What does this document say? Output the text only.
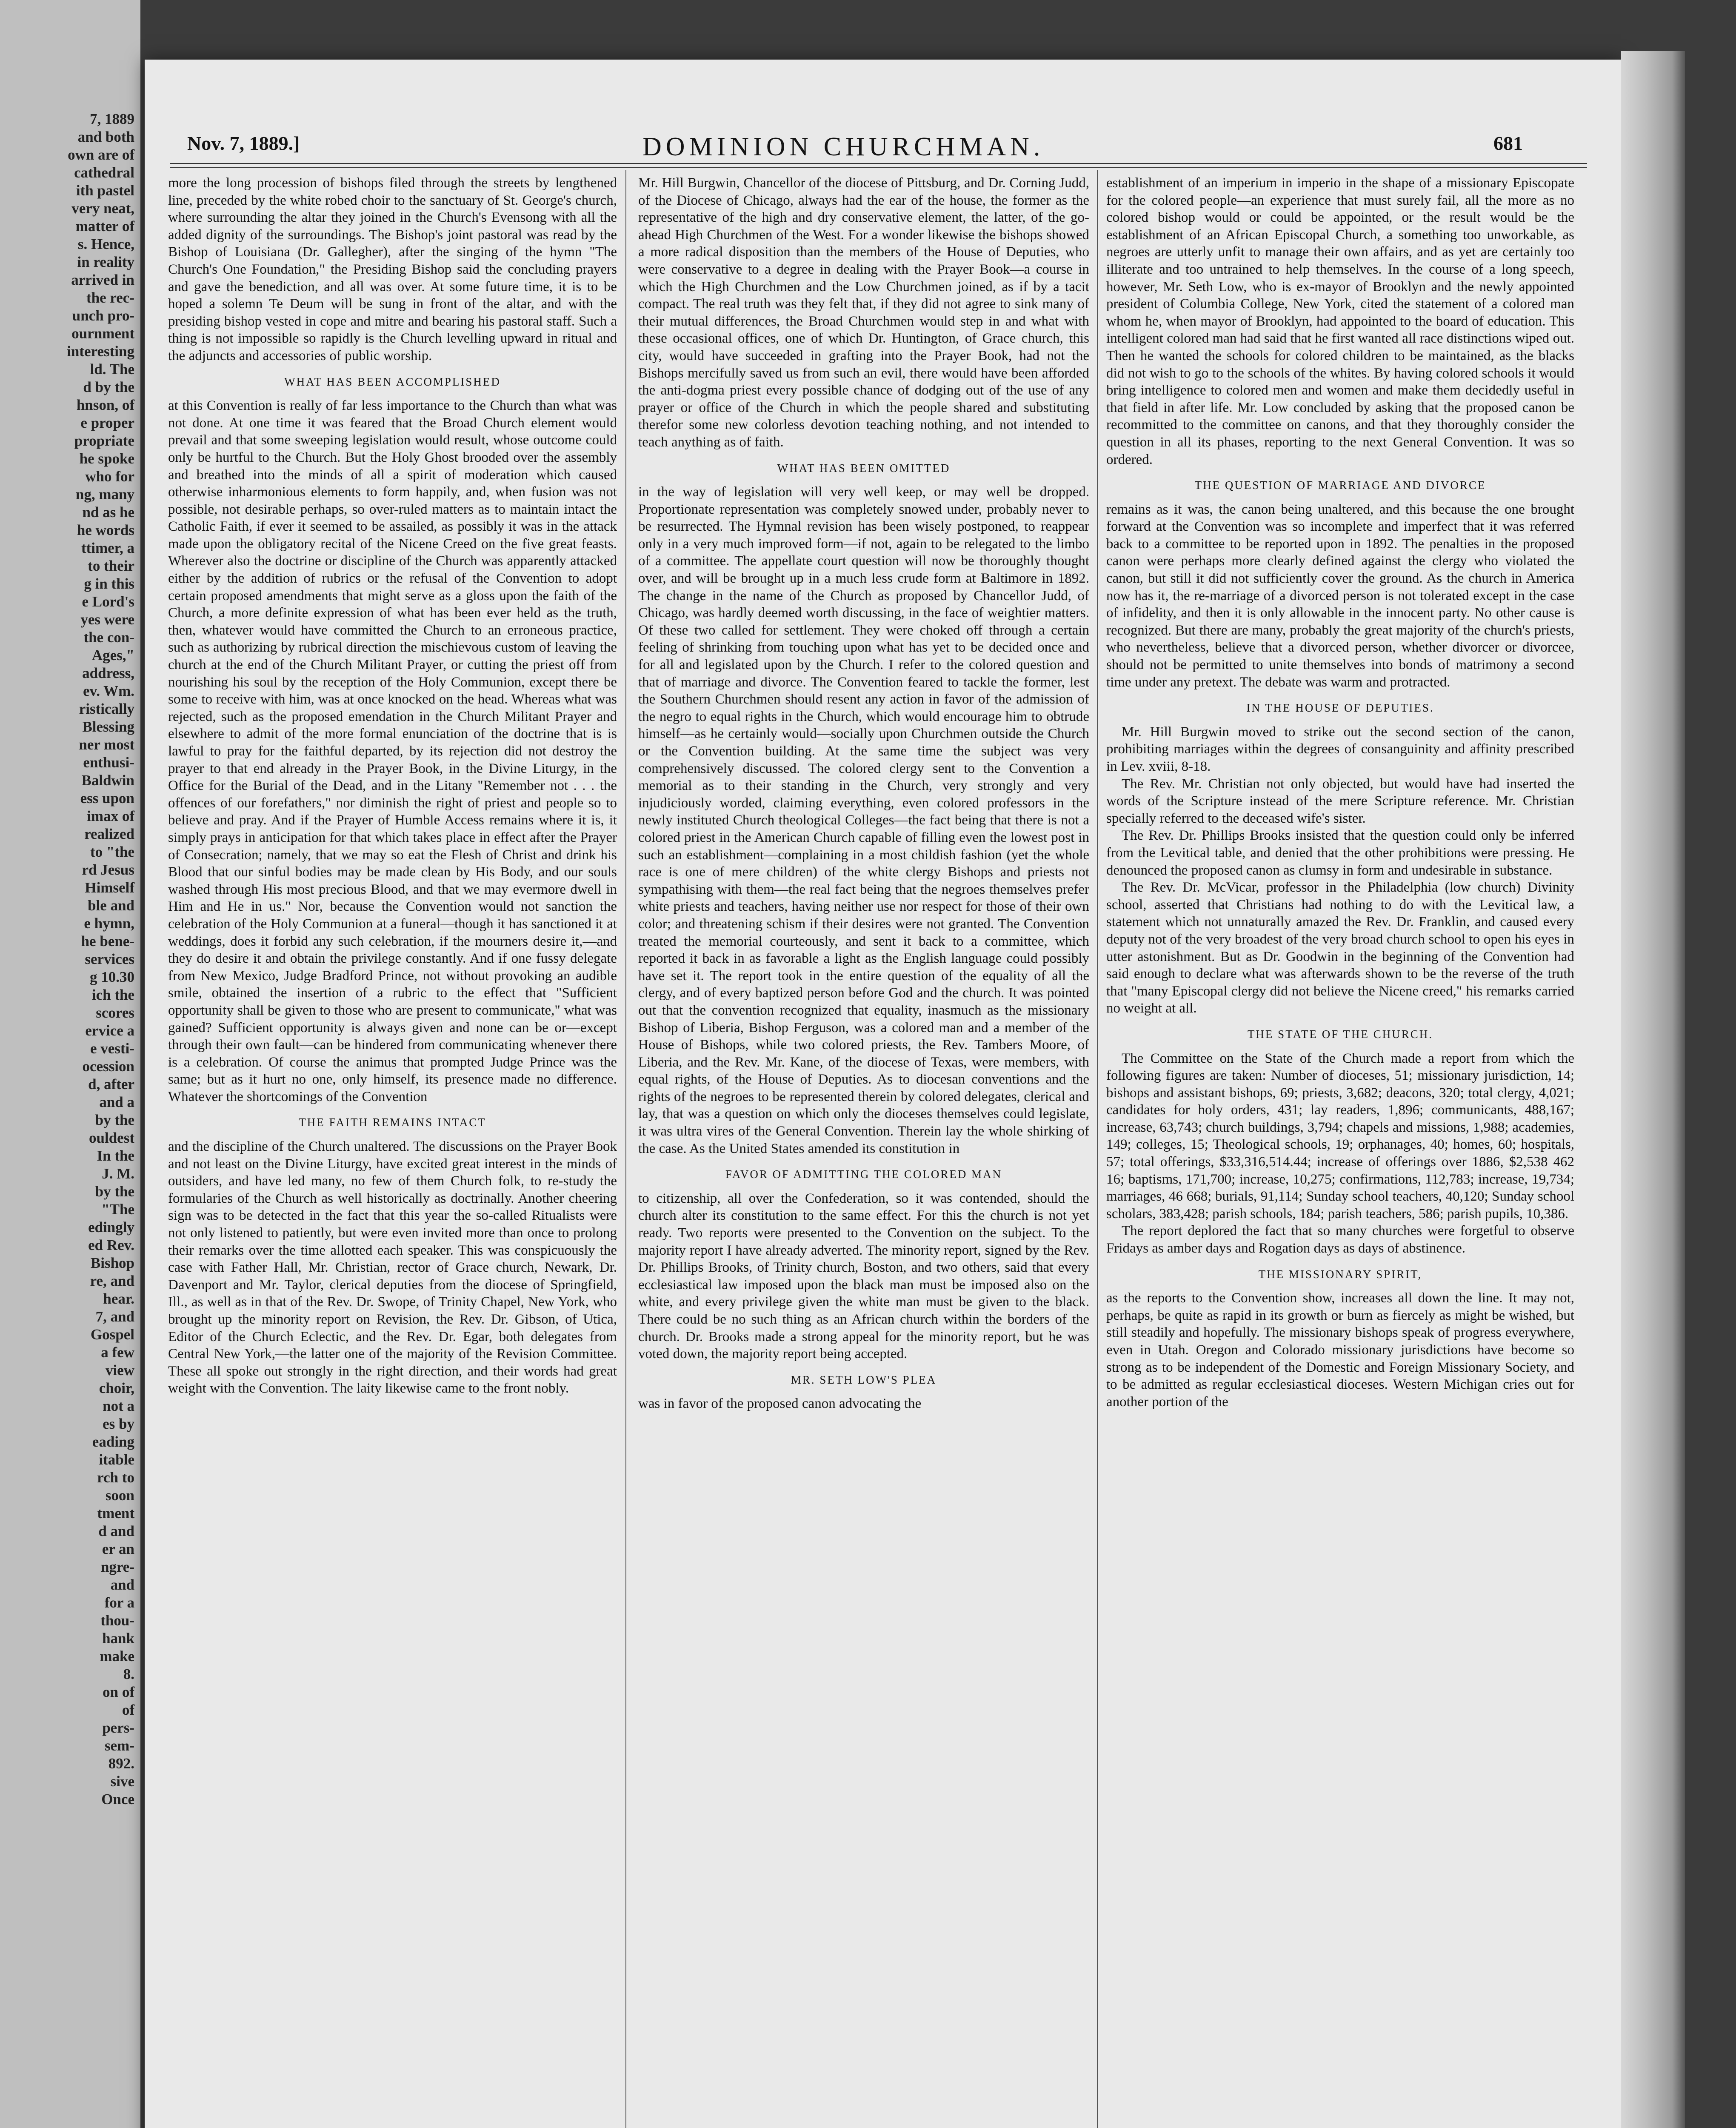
7, 1889
and both
own are of
cathedral
ith pastel
very neat,
matter of
s. Hence,
in reality
arrived in
the rec-
unch pro-
ournment
interesting
ld. The
d by the
hnson, of
e proper
propriate
he spoke
who for
ng, many
nd as he
he words
ttimer, a
to their
g in this
e Lord's
yes were
the con-
Ages,"
address,
ev. Wm.
ristically
Blessing
ner most
enthusi-
Baldwin
ess upon
imax of
realized
to "the
rd Jesus
Himself
ble and
e hymn,
he bene-
services
g 10.30
ich the
scores
ervice a
e vesti-
ocession
d, after
and a
by the
ouldest
In the
J. M.
by the
"The
edingly
ed Rev.
Bishop
re, and
hear.
7, and
Gospel
a few
view
choir,
not a
es by
eading
itable
rch to
soon
tment
d and
er an
ngre-
and
for a
thou-
hank
make
8.
on of
of
pers-
sem-
892.
sive
Once
Nov. 7, 1889.]	DOMINION CHURCHMAN.	681

more the long procession of bishops filed through the streets by lengthened line, preceded by the white robed choir to the sanctuary of St. George's church, where surrounding the altar they joined in the Church's Evensong with all the added dignity of the surroundings. The Bishop's joint pastoral was read by the Bishop of Louisiana (Dr. Gallegher), after the singing of the hymn "The Church's One Foundation," the Presiding Bishop said the concluding prayers and gave the benediction, and all was over. At some future time, it is to be hoped a solemn Te Deum will be sung in front of the altar, and with the presiding bishop vested in cope and mitre and bearing his pastoral staff. Such a thing is not impossible so rapidly is the Church levelling upward in ritual and the adjuncts and accessories of public worship.

WHAT HAS BEEN ACCOMPLISHED

at this Convention is really of far less importance to the Church than what was not done. At one time it was feared that the Broad Church element would prevail and that some sweeping legislation would result, whose outcome could only be hurtful to the Church. But the Holy Ghost brooded over the assembly and breathed into the minds of all a spirit of moderation which caused otherwise inharmonious elements to form happily, and, when fusion was not possible, not desirable perhaps, so over-ruled matters as to maintain intact the Catholic Faith, if ever it seemed to be assailed, as possibly it was in the attack made upon the obligatory recital of the Nicene Creed on the five great feasts. Wherever also the doctrine or discipline of the Church was apparently attacked either by the addition of rubrics or the refusal of the Convention to adopt certain proposed amendments that might serve as a gloss upon the faith of the Church, a more definite expression of what has been ever held as the truth, then, whatever would have committed the Church to an erroneous practice, such as authorizing by rubrical direction the mischievous custom of leaving the church at the end of the Church Militant Prayer, or cutting the priest off from nourishing his soul by the reception of the Holy Communion, except there be some to receive with him, was at once knocked on the head. Whereas what was rejected, such as the proposed emendation in the Church Militant Prayer and elsewhere to admit of the more formal enunciation of the doctrine that is is lawful to pray for the faithful departed, by its rejection did not destroy the prayer to that end already in the Prayer Book, in the Divine Liturgy, in the Office for the Burial of the Dead, and in the Litany "Remember not . . . the offences of our forefathers," nor diminish the right of priest and people so to believe and pray. And if the Prayer of Humble Access remains where it is, it simply prays in anticipation for that which takes place in effect after the Prayer of Consecration; namely, that we may so eat the Flesh of Christ and drink his Blood that our sinful bodies may be made clean by His Body, and our souls washed through His most precious Blood, and that we may evermore dwell in Him and He in us." Nor, because the Convention would not sanction the celebration of the Holy Communion at a funeral—though it has sanctioned it at weddings, does it forbid any such celebration, if the mourners desire it,—and they do desire it and obtain the privilege constantly. And if one fussy delegate from New Mexico, Judge Bradford Prince, not without provoking an audible smile, obtained the insertion of a rubric to the effect that "Sufficient opportunity shall be given to those who are present to communicate," what was gained? Sufficient opportunity is always given and none can be or—except through their own fault—can be hindered from communicating whenever there is a celebration. Of course the animus that prompted Judge Prince was the same; but as it hurt no one, only himself, its presence made no difference. Whatever the shortcomings of the Convention

THE FAITH REMAINS INTACT

and the discipline of the Church unaltered. The discussions on the Prayer Book and not least on the Divine Liturgy, have excited great interest in the minds of outsiders, and have led many, no few of them Church folk, to re-study the formularies of the Church as well historically as doctrinally. Another cheering sign was to be detected in the fact that this year the so-called Ritualists were not only listened to patiently, but were even invited more than once to prolong their remarks over the time allotted each speaker. This was conspicuously the case with Father Hall, Mr. Christian, rector of Grace church, Newark, Dr. Davenport and Mr. Taylor, clerical deputies from the diocese of Springfield, Ill., as well as in that of the Rev. Dr. Swope, of Trinity Chapel, New York, who brought up the minority report on Revision, the Rev. Dr. Gibson, of Utica, Editor of the Church Eclectic, and the Rev. Dr. Egar, both delegates from Central New York,—the latter one of the majority of the Revision Committee. These all spoke out strongly in the right direction, and their words had great weight with the Convention. The laity likewise came to the front nobly.

Mr. Hill Burgwin, Chancellor of the diocese of Pittsburg, and Dr. Corning Judd, of the Diocese of Chicago, always had the ear of the house, the former as the representative of the high and dry conservative element, the latter, of the go-ahead High Churchmen of the West. For a wonder likewise the bishops showed a more radical disposition than the members of the House of Deputies, who were conservative to a degree in dealing with the Prayer Book—a course in which the High Churchmen and the Low Churchmen joined, as if by a tacit compact. The real truth was they felt that, if they did not agree to sink many of their mutual differences, the Broad Churchmen would step in and what with these occasional offices, one of which Dr. Huntington, of Grace church, this city, would have succeeded in grafting into the Prayer Book, had not the Bishops mercifully saved us from such an evil, there would have been afforded the anti-dogma priest every possible chance of dodging out of the use of any prayer or office of the Church in which the people shared and substituting therefor some new colorless devotion teaching nothing, and not intended to teach anything as of faith.

WHAT HAS BEEN OMITTED

in the way of legislation will very well keep, or may well be dropped. Proportionate representation was completely snowed under, probably never to be resurrected. The Hymnal revision has been wisely postponed, to reappear only in a very much improved form—if not, again to be relegated to the limbo of a committee. The appellate court question will now be thoroughly thought over, and will be brought up in a much less crude form at Baltimore in 1892. The change in the name of the Church as proposed by Chancellor Judd, of Chicago, was hardly deemed worth discussing, in the face of weightier matters. Of these two called for settlement. They were choked off through a certain feeling of shrinking from touching upon what has yet to be decided once and for all and legislated upon by the Church. I refer to the colored question and that of marriage and divorce. The Convention feared to tackle the former, lest the Southern Churchmen should resent any action in favor of the admission of the negro to equal rights in the Church, which would encourage him to obtrude himself—as he certainly would—socially upon Churchmen outside the Church or the Convention building. At the same time the subject was very comprehensively discussed. The colored clergy sent to the Convention a memorial as to their standing in the Church, very strongly and very injudiciously worded, claiming everything, even colored professors in the newly instituted Church theological Colleges—the fact being that there is not a colored priest in the American Church capable of filling even the lowest post in such an establishment—complaining in a most childish fashion (yet the whole race is one of mere children) of the white clergy Bishops and priests not sympathising with them—the real fact being that the negroes themselves prefer white priests and teachers, having neither use nor respect for those of their own color; and threatening schism if their desires were not granted. The Convention treated the memorial courteously, and sent it back to a committee, which reported it back in as favorable a light as the English language could possibly have set it. The report took in the entire question of the equality of all the clergy, and of every baptized person before God and the church. It was pointed out that the convention recognized that equality, inasmuch as the missionary Bishop of Liberia, Bishop Ferguson, was a colored man and a member of the House of Bishops, while two colored priests, the Rev. Tambers Moore, of Liberia, and the Rev. Mr. Kane, of the diocese of Texas, were members, with equal rights, of the House of Deputies. As to diocesan conventions and the rights of the negroes to be represented therein by colored delegates, clerical and lay, that was a question on which only the dioceses themselves could legislate, it was ultra vires of the General Convention. Therein lay the whole shirking of the case. As the United States amended its constitution in

FAVOR OF ADMITTING THE COLORED MAN

to citizenship, all over the Confederation, so it was contended, should the church alter its constitution to the same effect. For this the church is not yet ready. Two reports were presented to the Convention on the subject. To the majority report I have already adverted. The minority report, signed by the Rev. Dr. Phillips Brooks, of Trinity church, Boston, and two others, said that every ecclesiastical law imposed upon the black man must be imposed also on the white, and every privilege given the white man must be given to the black. There could be no such thing as an African church within the borders of the church. Dr. Brooks made a strong appeal for the minority report, but he was voted down, the majority report being accepted.

MR. SETH LOW'S PLEA

was in favor of the proposed canon advocating the

establishment of an imperium in imperio in the shape of a missionary Episcopate for the colored people—an experience that must surely fail, all the more as no colored bishop would or could be appointed, or the result would be the establishment of an African Episcopal Church, a something too unworkable, as negroes are utterly unfit to manage their own affairs, and as yet are certainly too illiterate and too untrained to help themselves. In the course of a long speech, however, Mr. Seth Low, who is ex-mayor of Brooklyn and the newly appointed president of Columbia College, New York, cited the statement of a colored man whom he, when mayor of Brooklyn, had appointed to the board of education. This intelligent colored man had said that he first wanted all race distinctions wiped out. Then he wanted the schools for colored children to be maintained, as the blacks did not wish to go to the schools of the whites. By having colored schools it would bring intelligence to colored men and women and make them decidedly useful in that field in after life. Mr. Low concluded by asking that the proposed canon be recommitted to the committee on canons, and that they thoroughly consider the question in all its phases, reporting to the next General Convention. It was so ordered.

THE QUESTION OF MARRIAGE AND DIVORCE

remains as it was, the canon being unaltered, and this because the one brought forward at the Convention was so incomplete and imperfect that it was referred back to a committee to be reported upon in 1892. The penalties in the proposed canon were perhaps more clearly defined against the clergy who violated the canon, but still it did not sufficiently cover the ground. As the church in America now has it, the re-marriage of a divorced person is not tolerated except in the case of infidelity, and then it is only allowable in the innocent party. No other cause is recognized. But there are many, probably the great majority of the church's priests, who nevertheless, believe that a divorced person, whether divorcer or divorcee, should not be permitted to unite themselves into bonds of matrimony a second time under any pretext. The debate was warm and protracted.

IN THE HOUSE OF DEPUTIES.

Mr. Hill Burgwin moved to strike out the second section of the canon, prohibiting marriages within the degrees of consanguinity and affinity prescribed in Lev. xviii, 8-18.

The Rev. Mr. Christian not only objected, but would have had inserted the words of the Scripture instead of the mere Scripture reference. Mr. Christian specially referred to the deceased wife's sister.

The Rev. Dr. Phillips Brooks insisted that the question could only be inferred from the Levitical table, and denied that the other prohibitions were pressing. He denounced the proposed canon as clumsy in form and undesirable in substance.

The Rev. Dr. McVicar, professor in the Philadelphia (low church) Divinity school, asserted that Christians had nothing to do with the Levitical law, a statement which not unnaturally amazed the Rev. Dr. Franklin, and caused every deputy not of the very broadest of the very broad church school to open his eyes in utter astonishment. But as Dr. Goodwin in the beginning of the Convention had said enough to declare what was afterwards shown to be the reverse of the truth that "many Episcopal clergy did not believe the Nicene creed," his remarks carried no weight at all.

THE STATE OF THE CHURCH.

The Committee on the State of the Church made a report from which the following figures are taken: Number of dioceses, 51; missionary jurisdiction, 14; bishops and assistant bishops, 69; priests, 3,682; deacons, 320; total clergy, 4,021; candidates for holy orders, 431; lay readers, 1,896; communicants, 488,167; increase, 63,743; church buildings, 3,794; chapels and missions, 1,988; academies, 149; colleges, 15; Theological schools, 19; orphanages, 40; homes, 60; hospitals, 57; total offerings, $33,316,514.44; increase of offerings over 1886, $2,538 462 16; baptisms, 171,700; increase, 10,275; confirmations, 112,783; increase, 19,734; marriages, 46 668; burials, 91,114; Sunday school teachers, 40,120; Sunday school scholars, 383,428; parish schools, 184; parish teachers, 586; parish pupils, 10,386.

The report deplored the fact that so many churches were forgetful to observe Fridays as amber days and Rogation days as days of abstinence.

THE MISSIONARY SPIRIT,

as the reports to the Convention show, increases all down the line. It may not, perhaps, be quite as rapid in its growth or burn as fiercely as might be wished, but still steadily and hopefully. The missionary bishops speak of progress everywhere, even in Utah. Oregon and Colorado missionary jurisdictions have become so strong as to be independent of the Domestic and Foreign Missionary Society, and to be admitted as regular ecclesiastical dioceses. Western Michigan cries out for another portion of the
